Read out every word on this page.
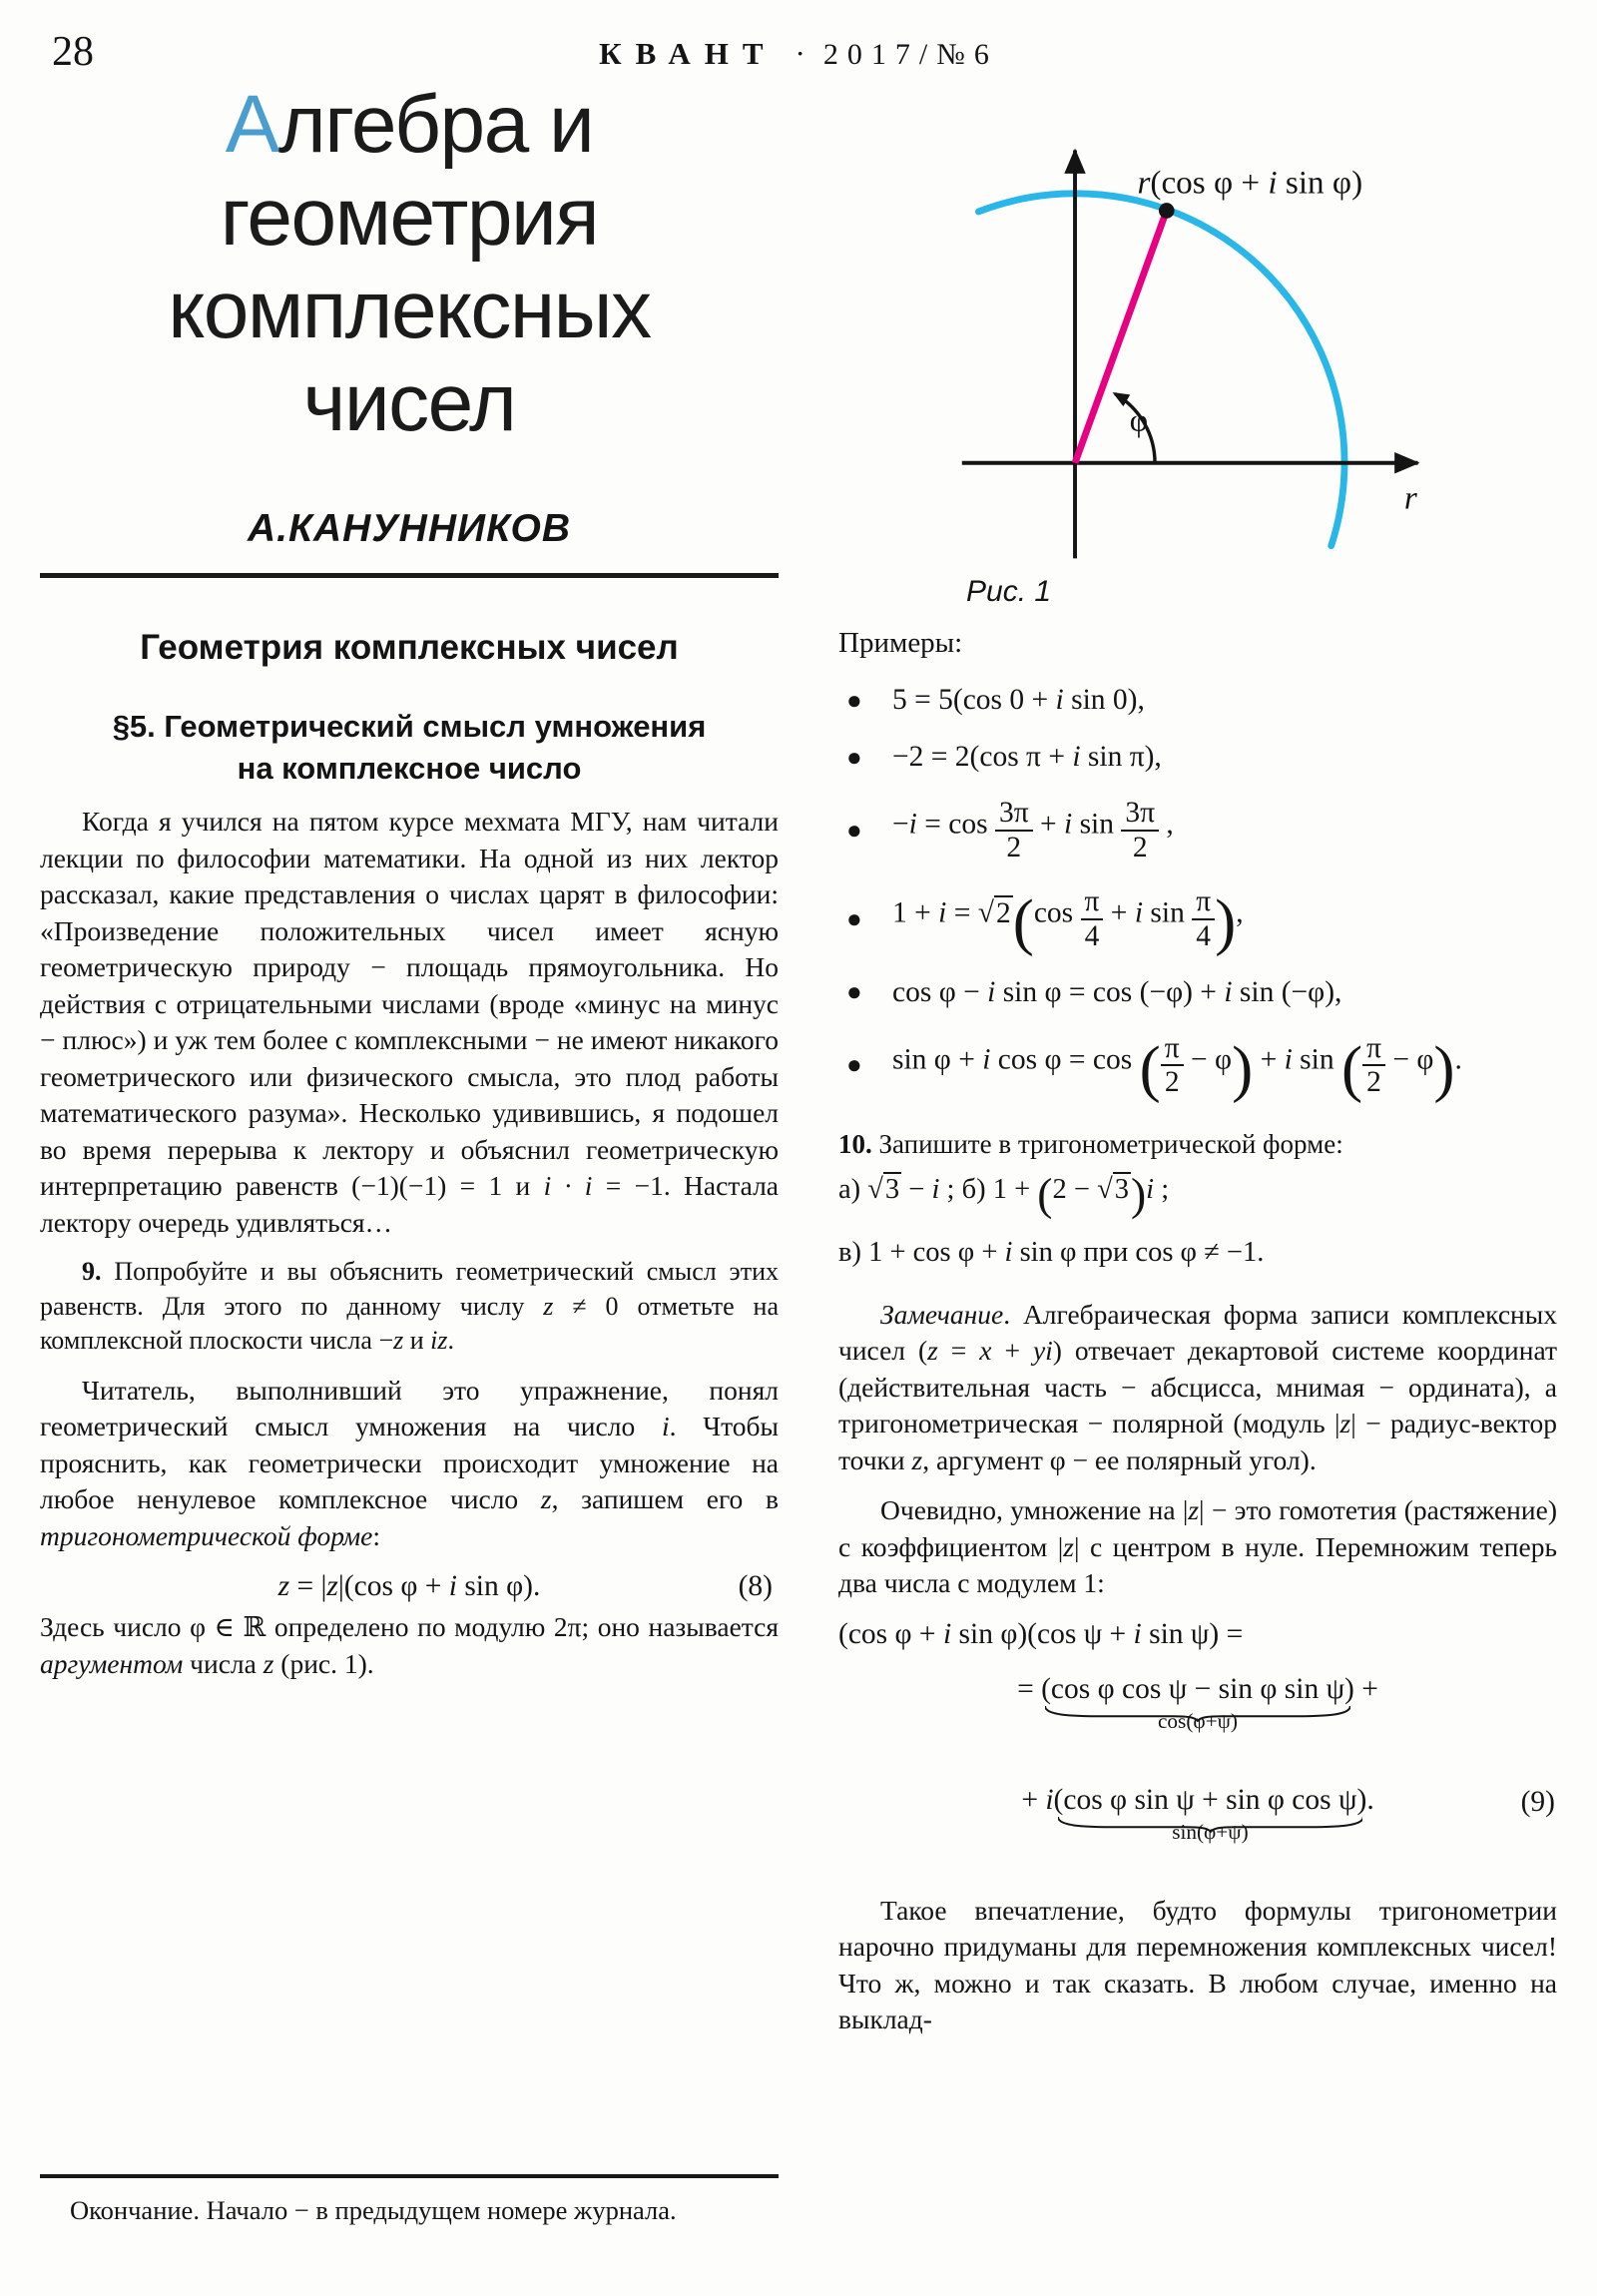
28	КВАНТ · 2017/№6
Алгебра и
геометрия
комплексных
чисел
А.КАНУННИКОВ
Геометрия комплексных чисел
§5. Геометрический смысл умножения
на комплексное число

Когда я учился на пятом курсе мехмата МГУ, нам читали лекции по философии математики. На одной из них лектор рассказал, какие представления о числах царят в философии: «Произведение положительных чисел имеет ясную геометрическую природу − площадь прямоугольника. Но действия с отрицательными числами (вроде «минус на минус − плюс») и уж тем более с комплексными − не имеют никакого геометрического или физического смысла, это плод работы математического разума». Несколько удивившись, я подошел во время перерыва к лектору и объяснил геометрическую интерпретацию равенств (−1)(−1) = 1 и i · i = −1. Настала лектору очередь удивляться…

9. Попробуйте и вы объяснить геометрический смысл этих равенств. Для этого по данному числу z ≠ 0 отметьте на комплексной плоскости числа −z и iz.

Читатель, выполнивший это упражнение, понял геометрический смысл умножения на число i. Чтобы прояснить, как геометрически происходит умножение на любое ненулевое комплексное число z, запишем его в тригонометрической форме:

z = |z|(cos φ + i sin φ).	(8)

Здесь число φ ∈ ℝ определено по модулю 2π; оно называется аргументом числа z (рис. 1).

Окончание. Начало − в предыдущем номере журнала.

r(cos φ + i sin φ)
φ
r
Рис. 1
Примеры:
●	5 = 5(cos 0 + i sin 0),
●	−2 = 2(cos π + i sin π),
●	$-i = \cos \frac{3\pi}{2} + i$ $\sin \frac{3\pi}{2}$ ,
●	$1 + i = √2(\cos \frac{\pi}{4} + i$ $\sin \frac{\pi}{4}$ ),
●	cos φ − i sin φ = cos (−φ) + i sin (−φ),
●	sin φ + i cos φ = cos ( $\frac{\pi}{2} - \varphi) + i$ sin ( $\frac{\pi}{2} - \varphi$).
10. Запишите в тригонометрической форме:
а) √3 − i ; б) 1 + (2 − √3)i ;
в) 1 + cos φ + i sin φ при cos φ ≠ −1.

Замечание. Алгебраическая форма записи комплексных чисел (z = x + yi) отвечает декартовой системе координат (действительная часть − абсцисса, мнимая − ордината), а тригонометрическая − полярной (модуль |z| − радиус-вектор точки z, аргумент φ − ее полярный угол).

Очевидно, умножение на |z| − это гомотетия (растяжение) с коэффициентом |z| с центром в нуле. Перемножим теперь два числа с модулем 1:

(cos φ + i sin φ)(cos ψ + i sin ψ) =
= (cos φ cos ψ − sin φ sin ψ)
cos(φ+ψ)
+
+ i(cos φ sin ψ + sin φ cos ψ)
sin(φ+ψ)
.	(9)

Такое впечатление, будто формулы тригонометрии нарочно придуманы для перемножения комплексных чисел! Что ж, можно и так сказать. В любом случае, именно на выклад-
